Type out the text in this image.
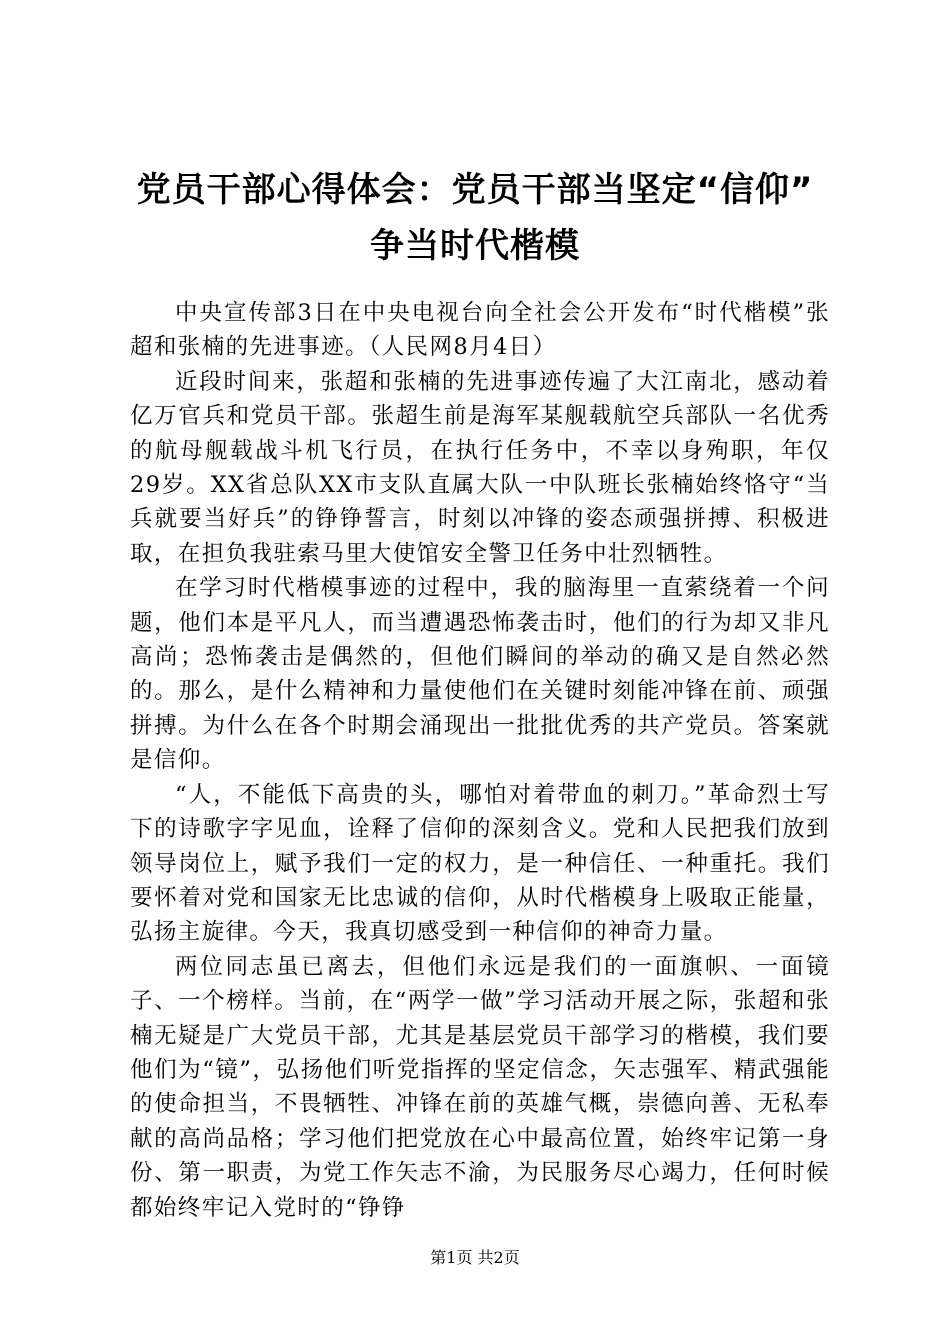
党员干部心得体会：党员干部当坚定“信仰”
争当时代楷模

中央宣传部3日在中央电视台向全社会公开发布“时代楷模”张超和张楠的先进事迹。（人民网8月4日）

近段时间来，张超和张楠的先进事迹传遍了大江南北，感动着亿万官兵和党员干部。张超生前是海军某舰载航空兵部队一名优秀的航母舰载战斗机飞行员，在执行任务中，不幸以身殉职，年仅29岁。XX省总队XX市支队直属大队一中队班长张楠始终恪守“当兵就要当好兵”的铮铮誓言，时刻以冲锋的姿态顽强拼搏、积极进取，在担负我驻索马里大使馆安全警卫任务中壮烈牺牲。

在学习时代楷模事迹的过程中，我的脑海里一直萦绕着一个问题，他们本是平凡人，而当遭遇恐怖袭击时，他们的行为却又非凡高尚；恐怖袭击是偶然的，但他们瞬间的举动的确又是自然必然的。那么，是什么精神和力量使他们在关键时刻能冲锋在前、顽强拼搏。为什么在各个时期会涌现出一批批优秀的共产党员。答案就是信仰。

“人，不能低下高贵的头，哪怕对着带血的刺刀。”革命烈士写下的诗歌字字见血，诠释了信仰的深刻含义。党和人民把我们放到领导岗位上，赋予我们一定的权力，是一种信任、一种重托。我们要怀着对党和国家无比忠诚的信仰，从时代楷模身上吸取正能量，弘扬主旋律。今天，我真切感受到一种信仰的神奇力量。

两位同志虽已离去，但他们永远是我们的一面旗帜、一面镜子、一个榜样。当前，在“两学一做”学习活动开展之际，张超和张楠无疑是广大党员干部，尤其是基层党员干部学习的楷模，我们要他们为“镜”，弘扬他们听党指挥的坚定信念，矢志强军、精武强能的使命担当，不畏牺牲、冲锋在前的英雄气概，崇德向善、无私奉献的高尚品格；学习他们把党放在心中最高位置，始终牢记第一身份、第一职责，为党工作矢志不渝，为民服务尽心竭力，任何时候都始终牢记入党时的“铮铮

第1页 共2页
